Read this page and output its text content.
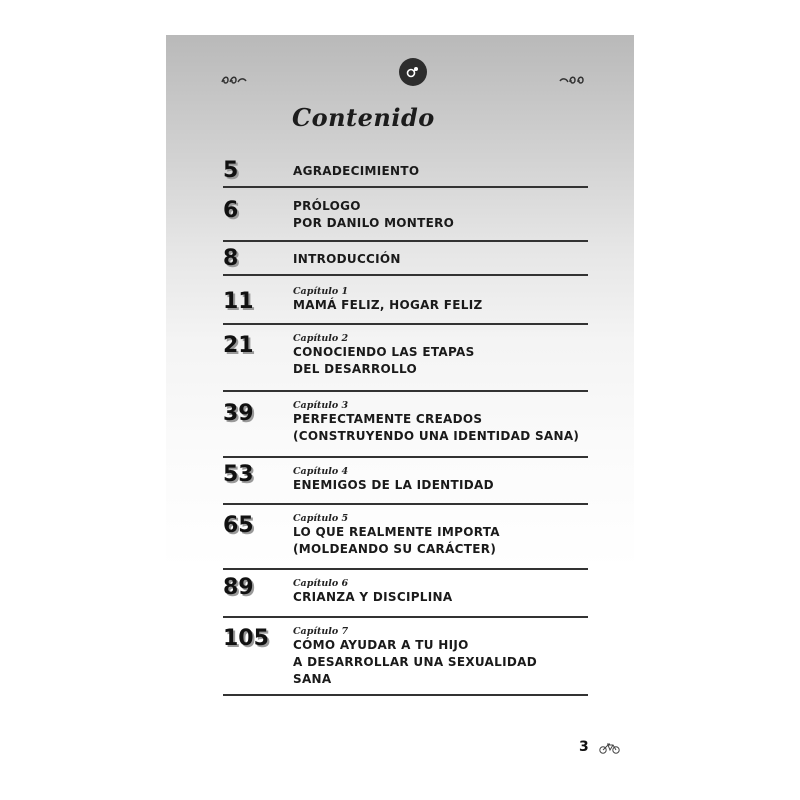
Contenido
5	AGRADECIMIENTO
6	PRÓLOGO
POR DANILO MONTERO
8	INTRODUCCIÓN
11	Capítulo 1
MAMÁ FELIZ, HOGAR FELIZ
21	Capítulo 2
CONOCIENDO LAS ETAPAS
DEL DESARROLLO
39	Capítulo 3
PERFECTAMENTE CREADOS
(CONSTRUYENDO UNA IDENTIDAD SANA)
53	Capítulo 4
ENEMIGOS DE LA IDENTIDAD
65	Capítulo 5
LO QUE REALMENTE IMPORTA
(MOLDEANDO SU CARÁCTER)
89	Capítulo 6
CRIANZA Y DISCIPLINA
105	Capítulo 7
CÓMO AYUDAR A TU HIJO
A DESARROLLAR UNA SEXUALIDAD
SANA
3
